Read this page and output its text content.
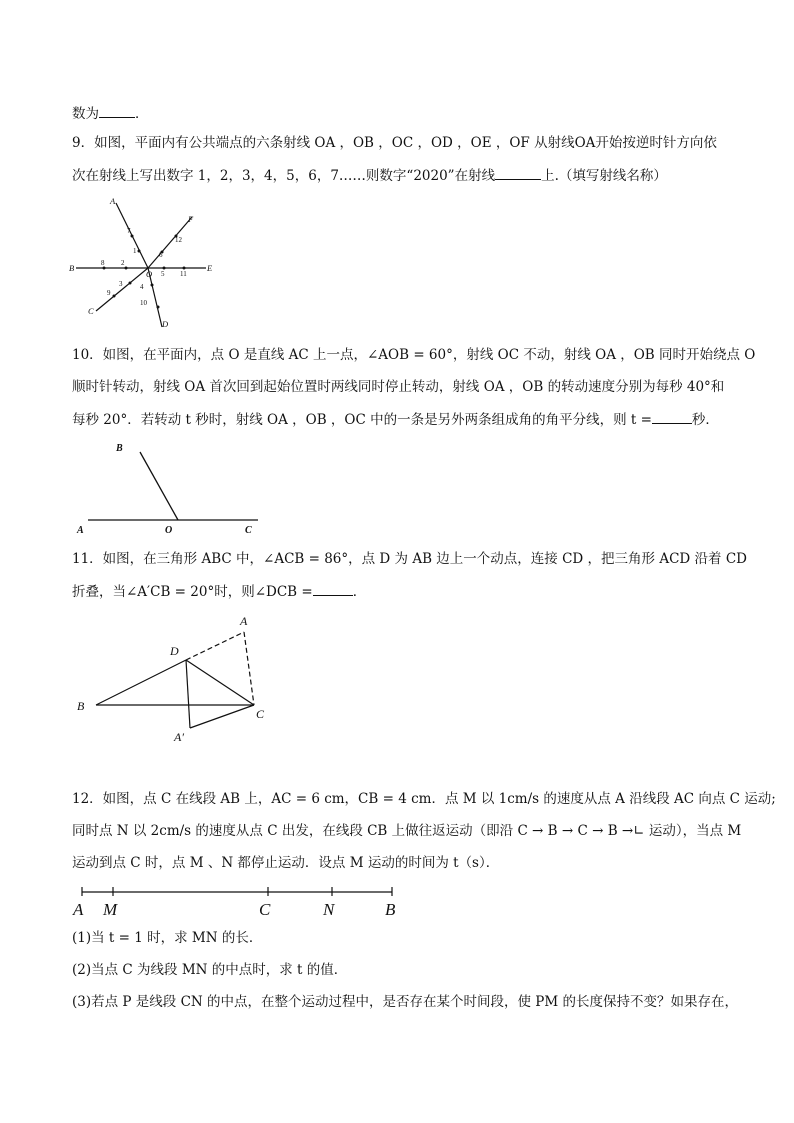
数为	．
9．如图，平面内有公共端点的六条射线 OA ，OB ，OC ，OD ，OE ，OF 从射线OA开始按逆时针方向依
次在射线上写出数字 1，2，3，4，5，6，7……则数字“2020”在射线	上.（填写射线名称）
A
F
B	E
O
C
D
1
2
3	4
5
6
7
8
9
10
11
12
10．如图，在平面内，点 O 是直线 AC 上一点，∠AOB = 60°，射线 OC 不动，射线 OA ，OB 同时开始绕点 O
顺时针转动，射线 OA 首次回到起始位置时两线同时停止转动，射线 OA ，OB 的转动速度分别为每秒 40°和
每秒 20°．若转动 t 秒时，射线 OA ，OB ，OC 中的一条是另外两条组成角的角平分线，则 t =	秒．
B
A	O	C
11．如图，在三角形 ABC 中，∠ACB = 86°，点 D 为 AB 边上一个动点，连接 CD ，把三角形 ACD 沿着 CD
折叠，当∠A′CB = 20°时，则∠DCB =	．
A
D
B
C
A′
12．如图，点 C 在线段 AB 上，AC = 6 cm，CB = 4 cm．点 M 以 1cm/s 的速度从点 A 沿线段 AC 向点 C 运动;
同时点 N 以 2cm/s 的速度从点 C 出发，在线段 CB 上做往返运动（即沿 C → B → C → B →∟ 运动），当点 M
运动到点 C 时，点 M 、N 都停止运动．设点 M 运动的时间为 t（s）．
A M	C	N	B
(1)当 t = 1 时，求 MN 的长．
(2)当点 C 为线段 MN 的中点时，求 t 的值．
(3)若点 P 是线段 CN 的中点，在整个运动过程中，是否存在某个时间段，使 PM 的长度保持不变？如果存在，
